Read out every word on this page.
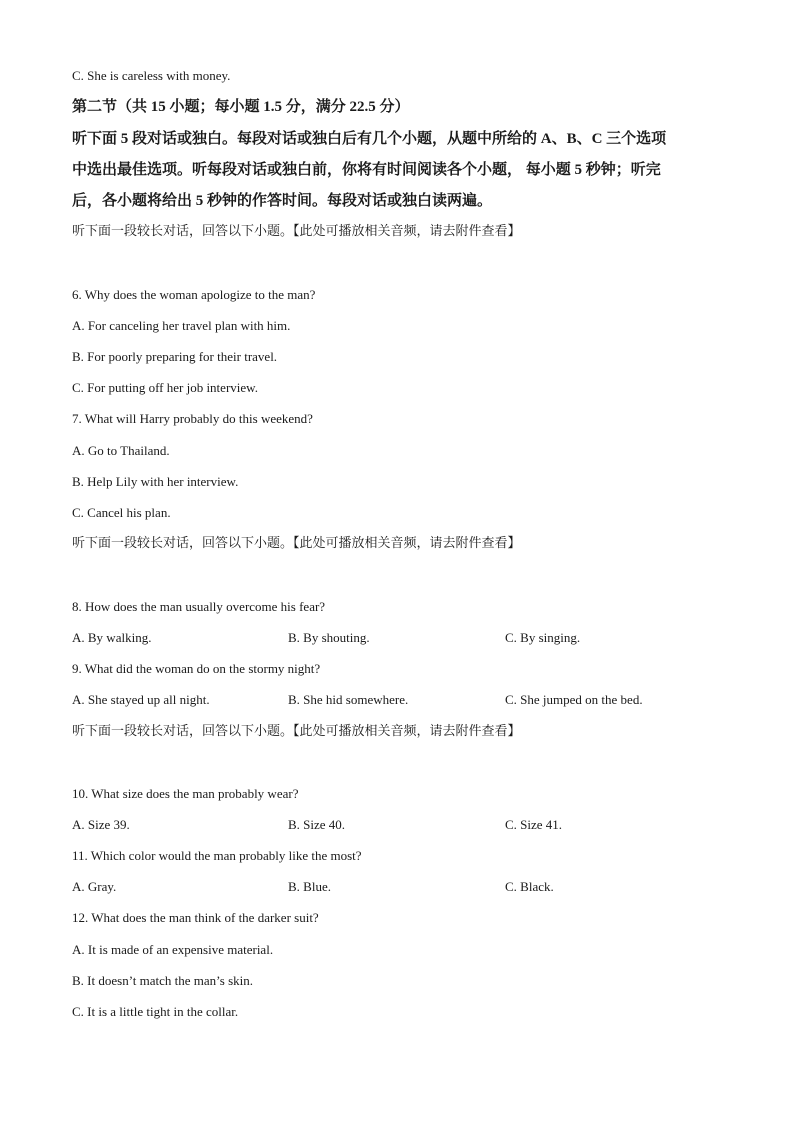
C. She is careless with money.
第二节（共 15 小题；每小题 1.5 分，满分 22.5 分）
听下面 5 段对话或独白。每段对话或独白后有几个小题，从题中所给的 A、B、C 三个选项
中选出最佳选项。听每段对话或独白前，你将有时间阅读各个小题， 每小题 5 秒钟；听完
后，各小题将给出 5 秒钟的作答时间。每段对话或独白读两遍。
听下面一段较长对话，回答以下小题。【此处可播放相关音频，请去附件查看】
6. Why does the woman apologize to the man?
A. For canceling her travel plan with him.
B. For poorly preparing for their travel.
C. For putting off her job interview.
7. What will Harry probably do this weekend?
A. Go to Thailand.
B. Help Lily with her interview.
C. Cancel his plan.
听下面一段较长对话，回答以下小题。【此处可播放相关音频，请去附件查看】
8. How does the man usually overcome his fear?
A. By walking.	B. By shouting.	C. By singing.
9. What did the woman do on the stormy night?
A. She stayed up all night.	B. She hid somewhere.	C. She jumped on the bed.
听下面一段较长对话，回答以下小题。【此处可播放相关音频，请去附件查看】
10. What size does the man probably wear?
A. Size 39.	B. Size 40.	C. Size 41.
11. Which color would the man probably like the most?
A. Gray.	B. Blue.	C. Black.
12. What does the man think of the darker suit?
A. It is made of an expensive material.
B. It doesn’t match the man’s skin.
C. It is a little tight in the collar.
